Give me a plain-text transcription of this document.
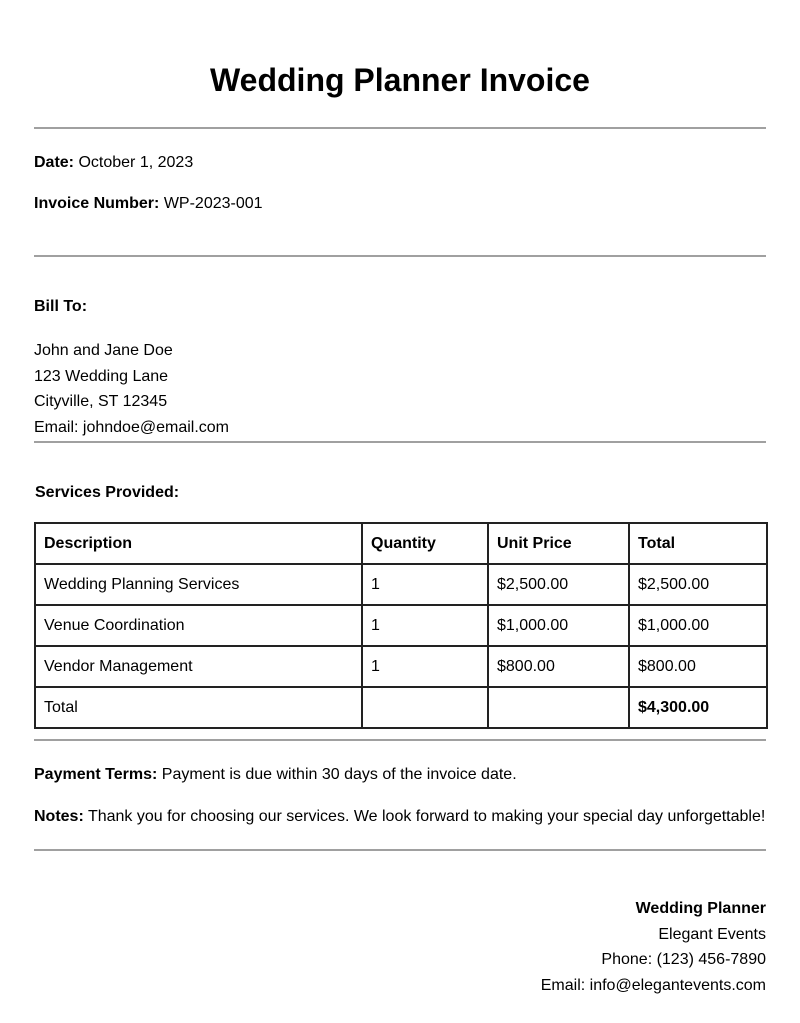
Wedding Planner Invoice

Date: October 1, 2023

Invoice Number: WP-2023-001

Bill To:

John and Jane Doe

123 Wedding Lane

Cityville, ST 12345

Email: johndoe@email.com

Services Provided:

Description	Quantity	Unit Price	Total
Wedding Planning Services	1	$2,500.00	$2,500.00
Venue Coordination	1	$1,000.00	$1,000.00
Vendor Management	1	$800.00	$800.00
Total			$4,300.00

Payment Terms: Payment is due within 30 days of the invoice date.

Notes: Thank you for choosing our services. We look forward to making your special day unforgettable!

Wedding Planner

Elegant Events

Phone: (123) 456-7890

Email: info@elegantevents.com
